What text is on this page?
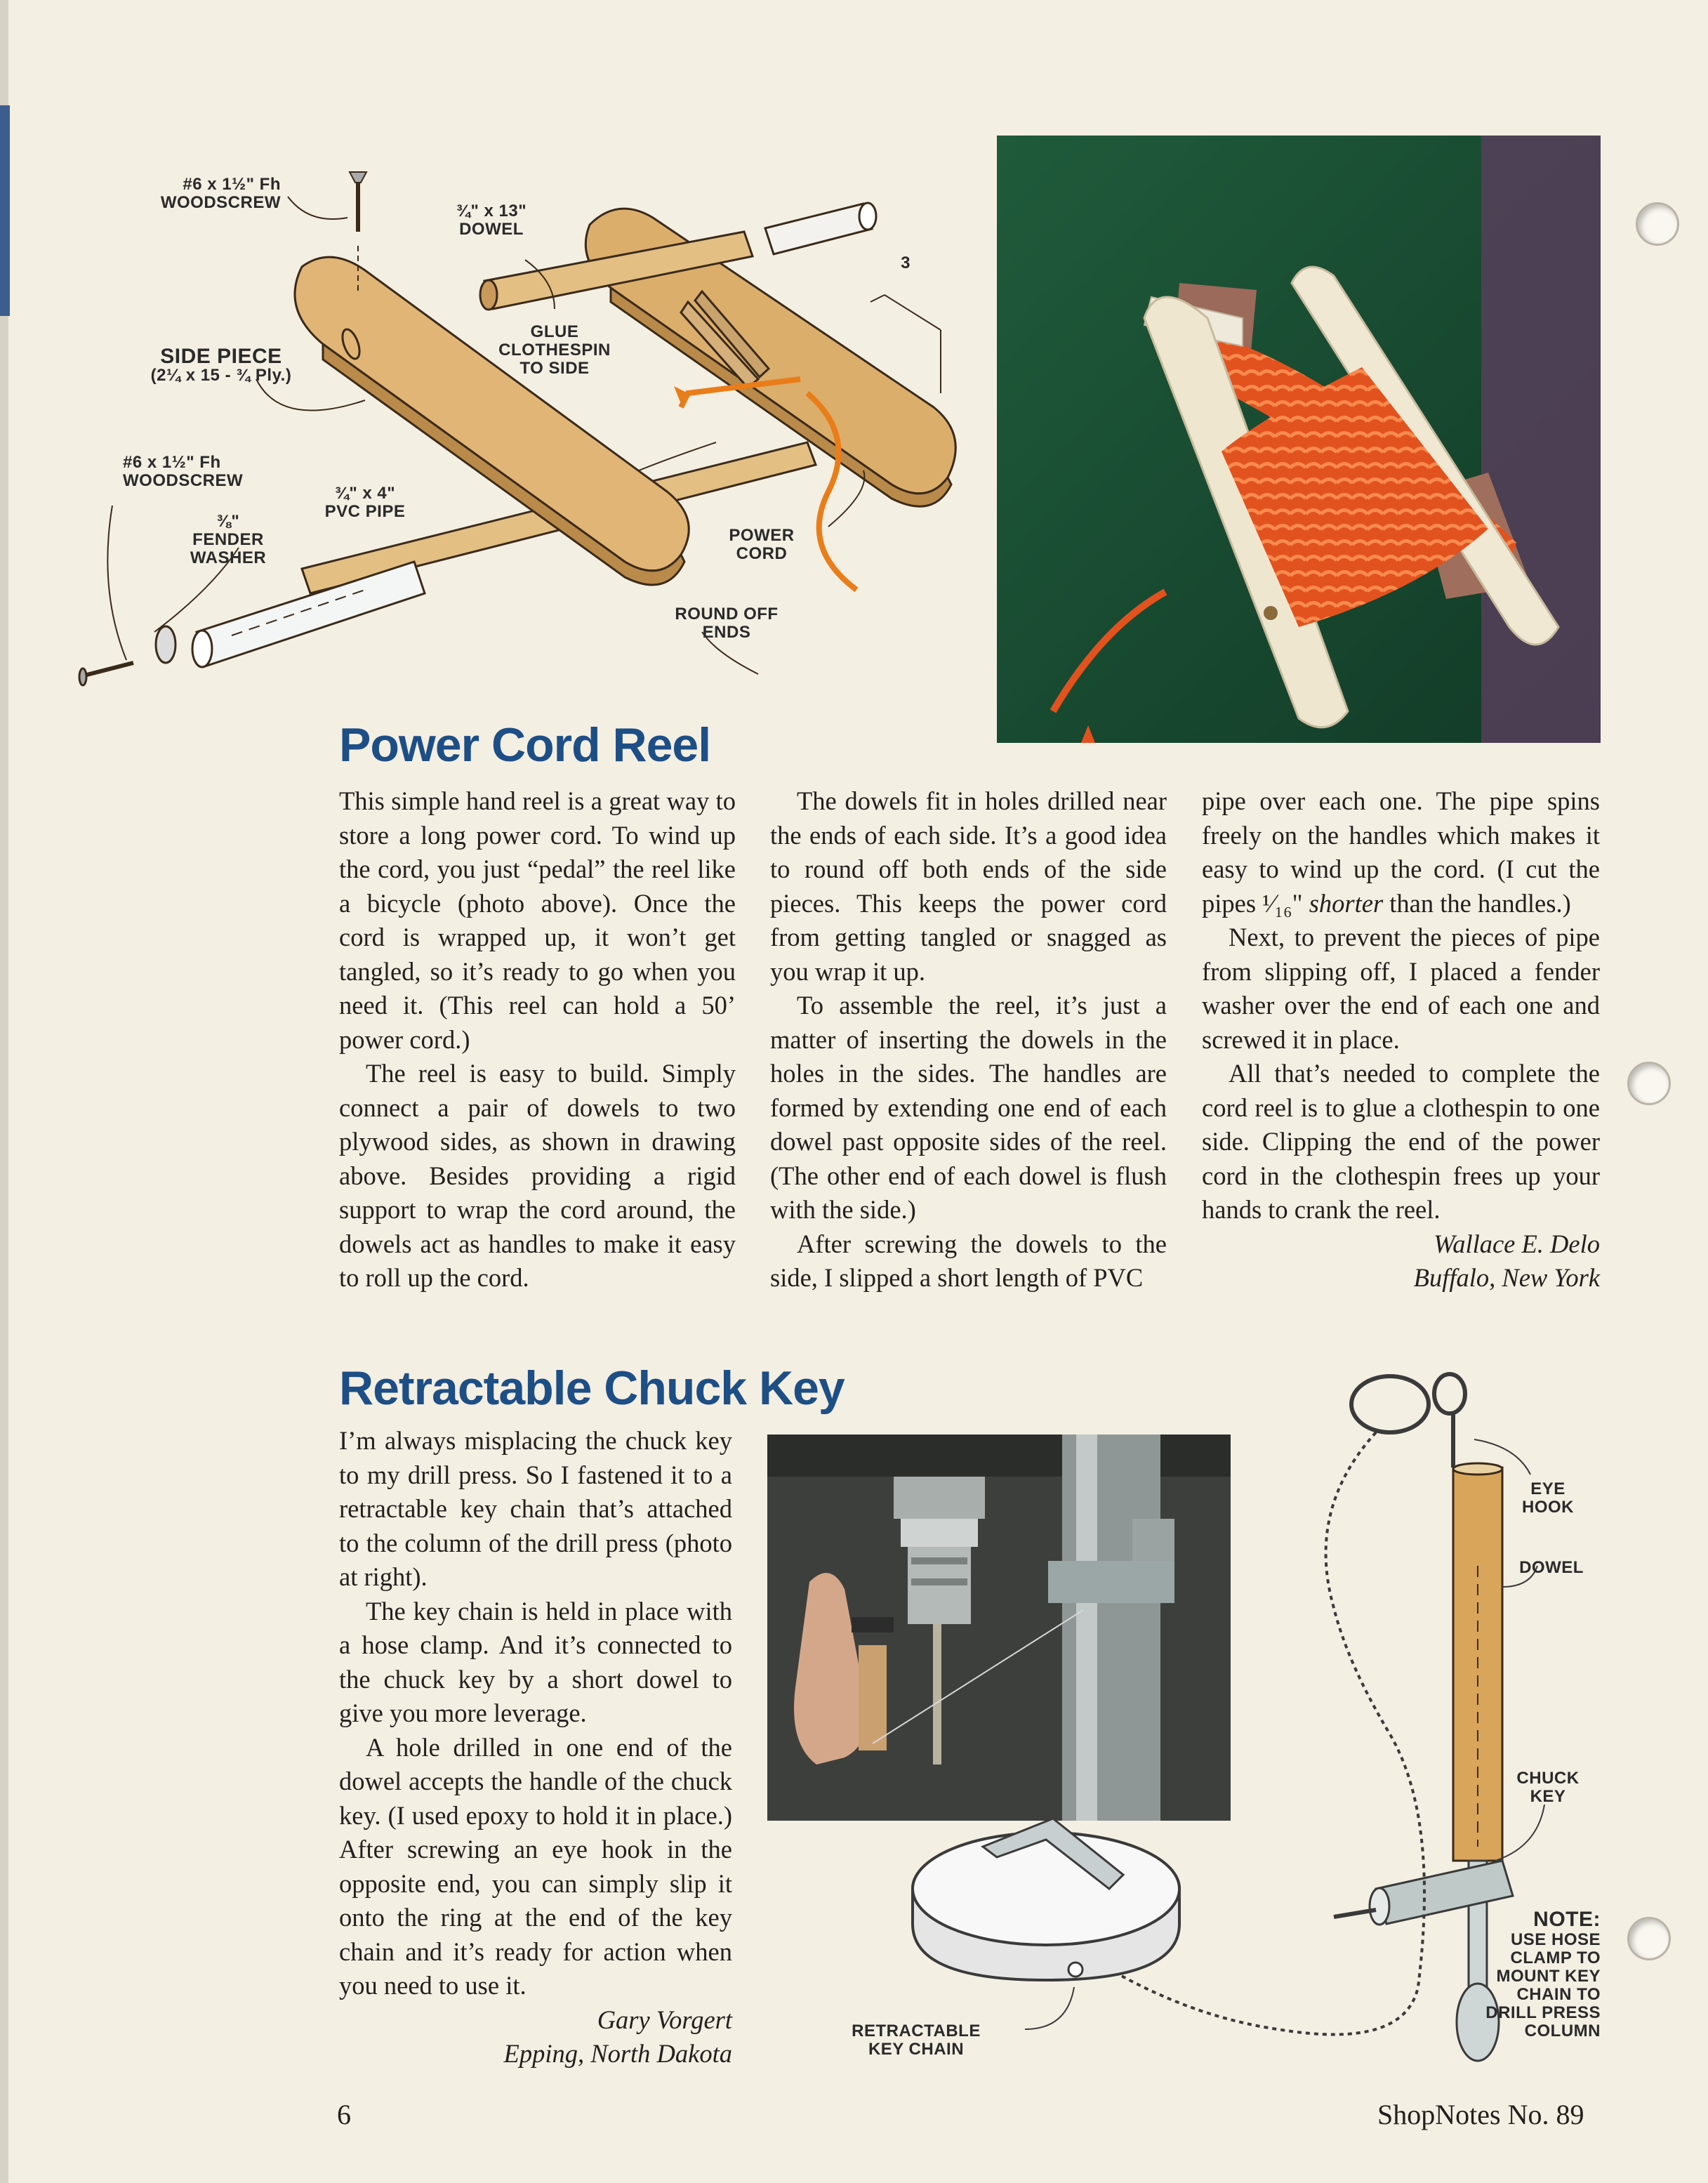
#6 x 1½" Fh
WOODSCREW	¾" x 13"
DOWEL
SIDE PIECE
(2¼ x 15 - ¾ Ply.)
GLUE
CLOTHESPIN
TO SIDE
3
#6 x 1½" Fh
WOODSCREW
¾" x 4"
PVC PIPE
⅜"
FENDER
WASHER
POWER
CORD
ROUND OFF
ENDS
Power Cord Reel

This simple hand reel is a great way to store a long power cord. To wind up the cord, you just “pedal” the reel like a bicycle (photo above). Once the cord is wrapped up, it won’t get tangled, so it’s ready to go when you need it. (This reel can hold a 50’ power cord.)

The reel is easy to build. Simply connect a pair of dowels to two plywood sides, as shown in drawing above. Besides providing a rigid support to wrap the cord around, the dowels act as handles to make it easy to roll up the cord.

The dowels fit in holes drilled near the ends of each side. It’s a good idea to round off both ends of the side pieces. This keeps the power cord from getting tangled or snagged as you wrap it up.

To assemble the reel, it’s just a matter of inserting the dowels in the holes in the sides. The handles are formed by extending one end of each dowel past opposite sides of the reel. (The other end of each dowel is flush with the side.)

After screwing the dowels to the side, I slipped a short length of PVC

pipe over each one. The pipe spins freely on the handles which makes it easy to wind up the cord. (I cut the pipes ¹⁄₁₆" shorter than the handles.)

Next, to prevent the pieces of pipe from slipping off, I placed a fender washer over the end of each one and screwed it in place.

All that’s needed to complete the cord reel is to glue a clothespin to one side. Clipping the end of the power cord in the clothespin frees up your hands to crank the reel.

Wallace E. Delo

Buffalo, New York

Retractable Chuck Key

I’m always misplacing the chuck key to my drill press. So I fastened it to a retractable key chain that’s attached to the column of the drill press (photo at right).

The key chain is held in place with a hose clamp. And it’s connected to the chuck key by a short dowel to give you more leverage.

A hole drilled in one end of the dowel accepts the handle of the chuck key. (I used epoxy to hold it in place.) After screwing an eye hook in the opposite end, you can simply slip it onto the ring at the end of the key chain and it’s ready for action when you need to use it.

Gary Vorgert

Epping, North Dakota

EYE
HOOK
DOWEL
CHUCK
KEY
NOTE:
USE HOSE
CLAMP TO
MOUNT KEY
CHAIN TO
DRILL PRESS
COLUMN
RETRACTABLE
KEY CHAIN
6	ShopNotes No. 89
